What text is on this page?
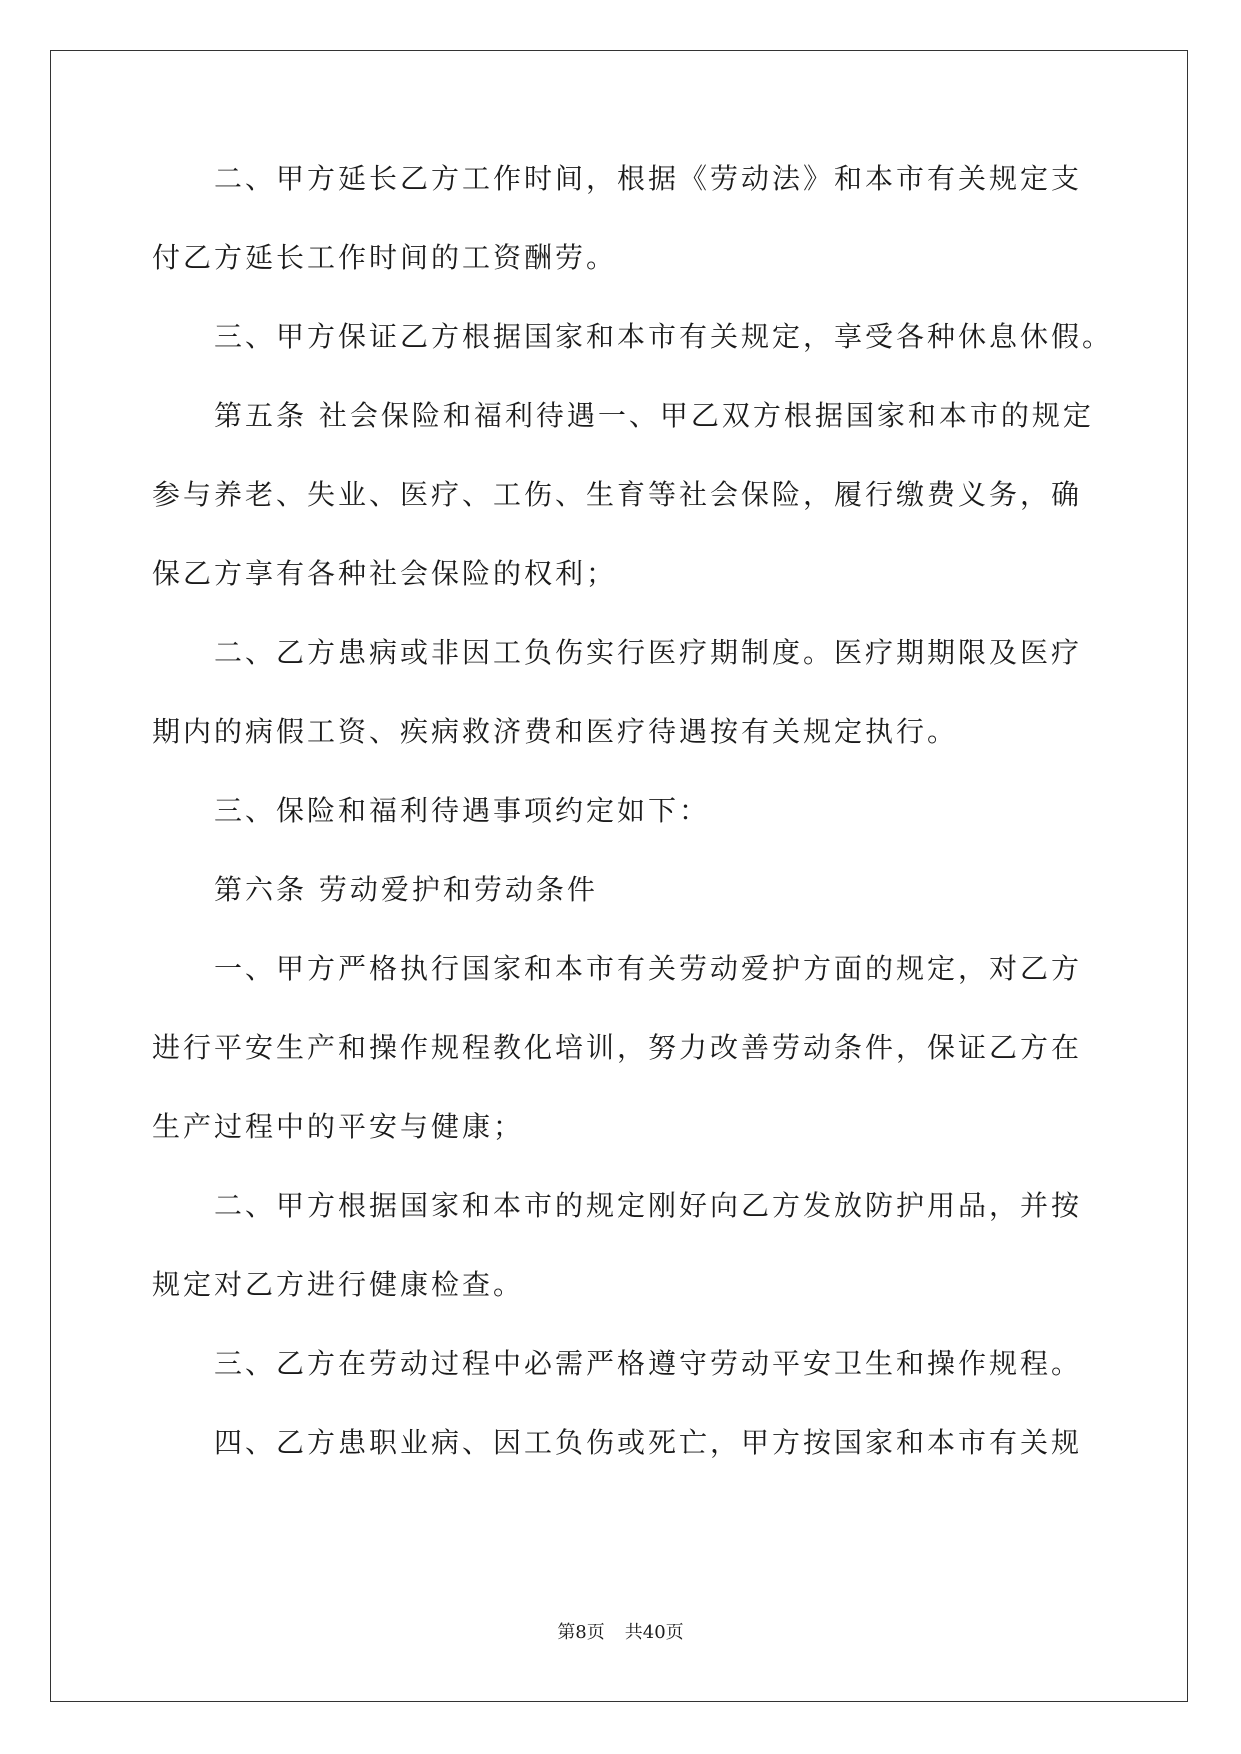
二、甲方延长乙方工作时间，根据《劳动法》和本市有关规定支
付乙方延长工作时间的工资酬劳。
三、甲方保证乙方根据国家和本市有关规定，享受各种休息休假。
第五条 社会保险和福利待遇一、甲乙双方根据国家和本市的规定
参与养老、失业、医疗、工伤、生育等社会保险，履行缴费义务，确
保乙方享有各种社会保险的权利；
二、乙方患病或非因工负伤实行医疗期制度。医疗期期限及医疗
期内的病假工资、疾病救济费和医疗待遇按有关规定执行。
三、保险和福利待遇事项约定如下：
第六条 劳动爱护和劳动条件
一、甲方严格执行国家和本市有关劳动爱护方面的规定，对乙方
进行平安生产和操作规程教化培训，努力改善劳动条件，保证乙方在
生产过程中的平安与健康；
二、甲方根据国家和本市的规定刚好向乙方发放防护用品，并按
规定对乙方进行健康检查。
三、乙方在劳动过程中必需严格遵守劳动平安卫生和操作规程。
四、乙方患职业病、因工负伤或死亡，甲方按国家和本市有关规
第8页 共40页
